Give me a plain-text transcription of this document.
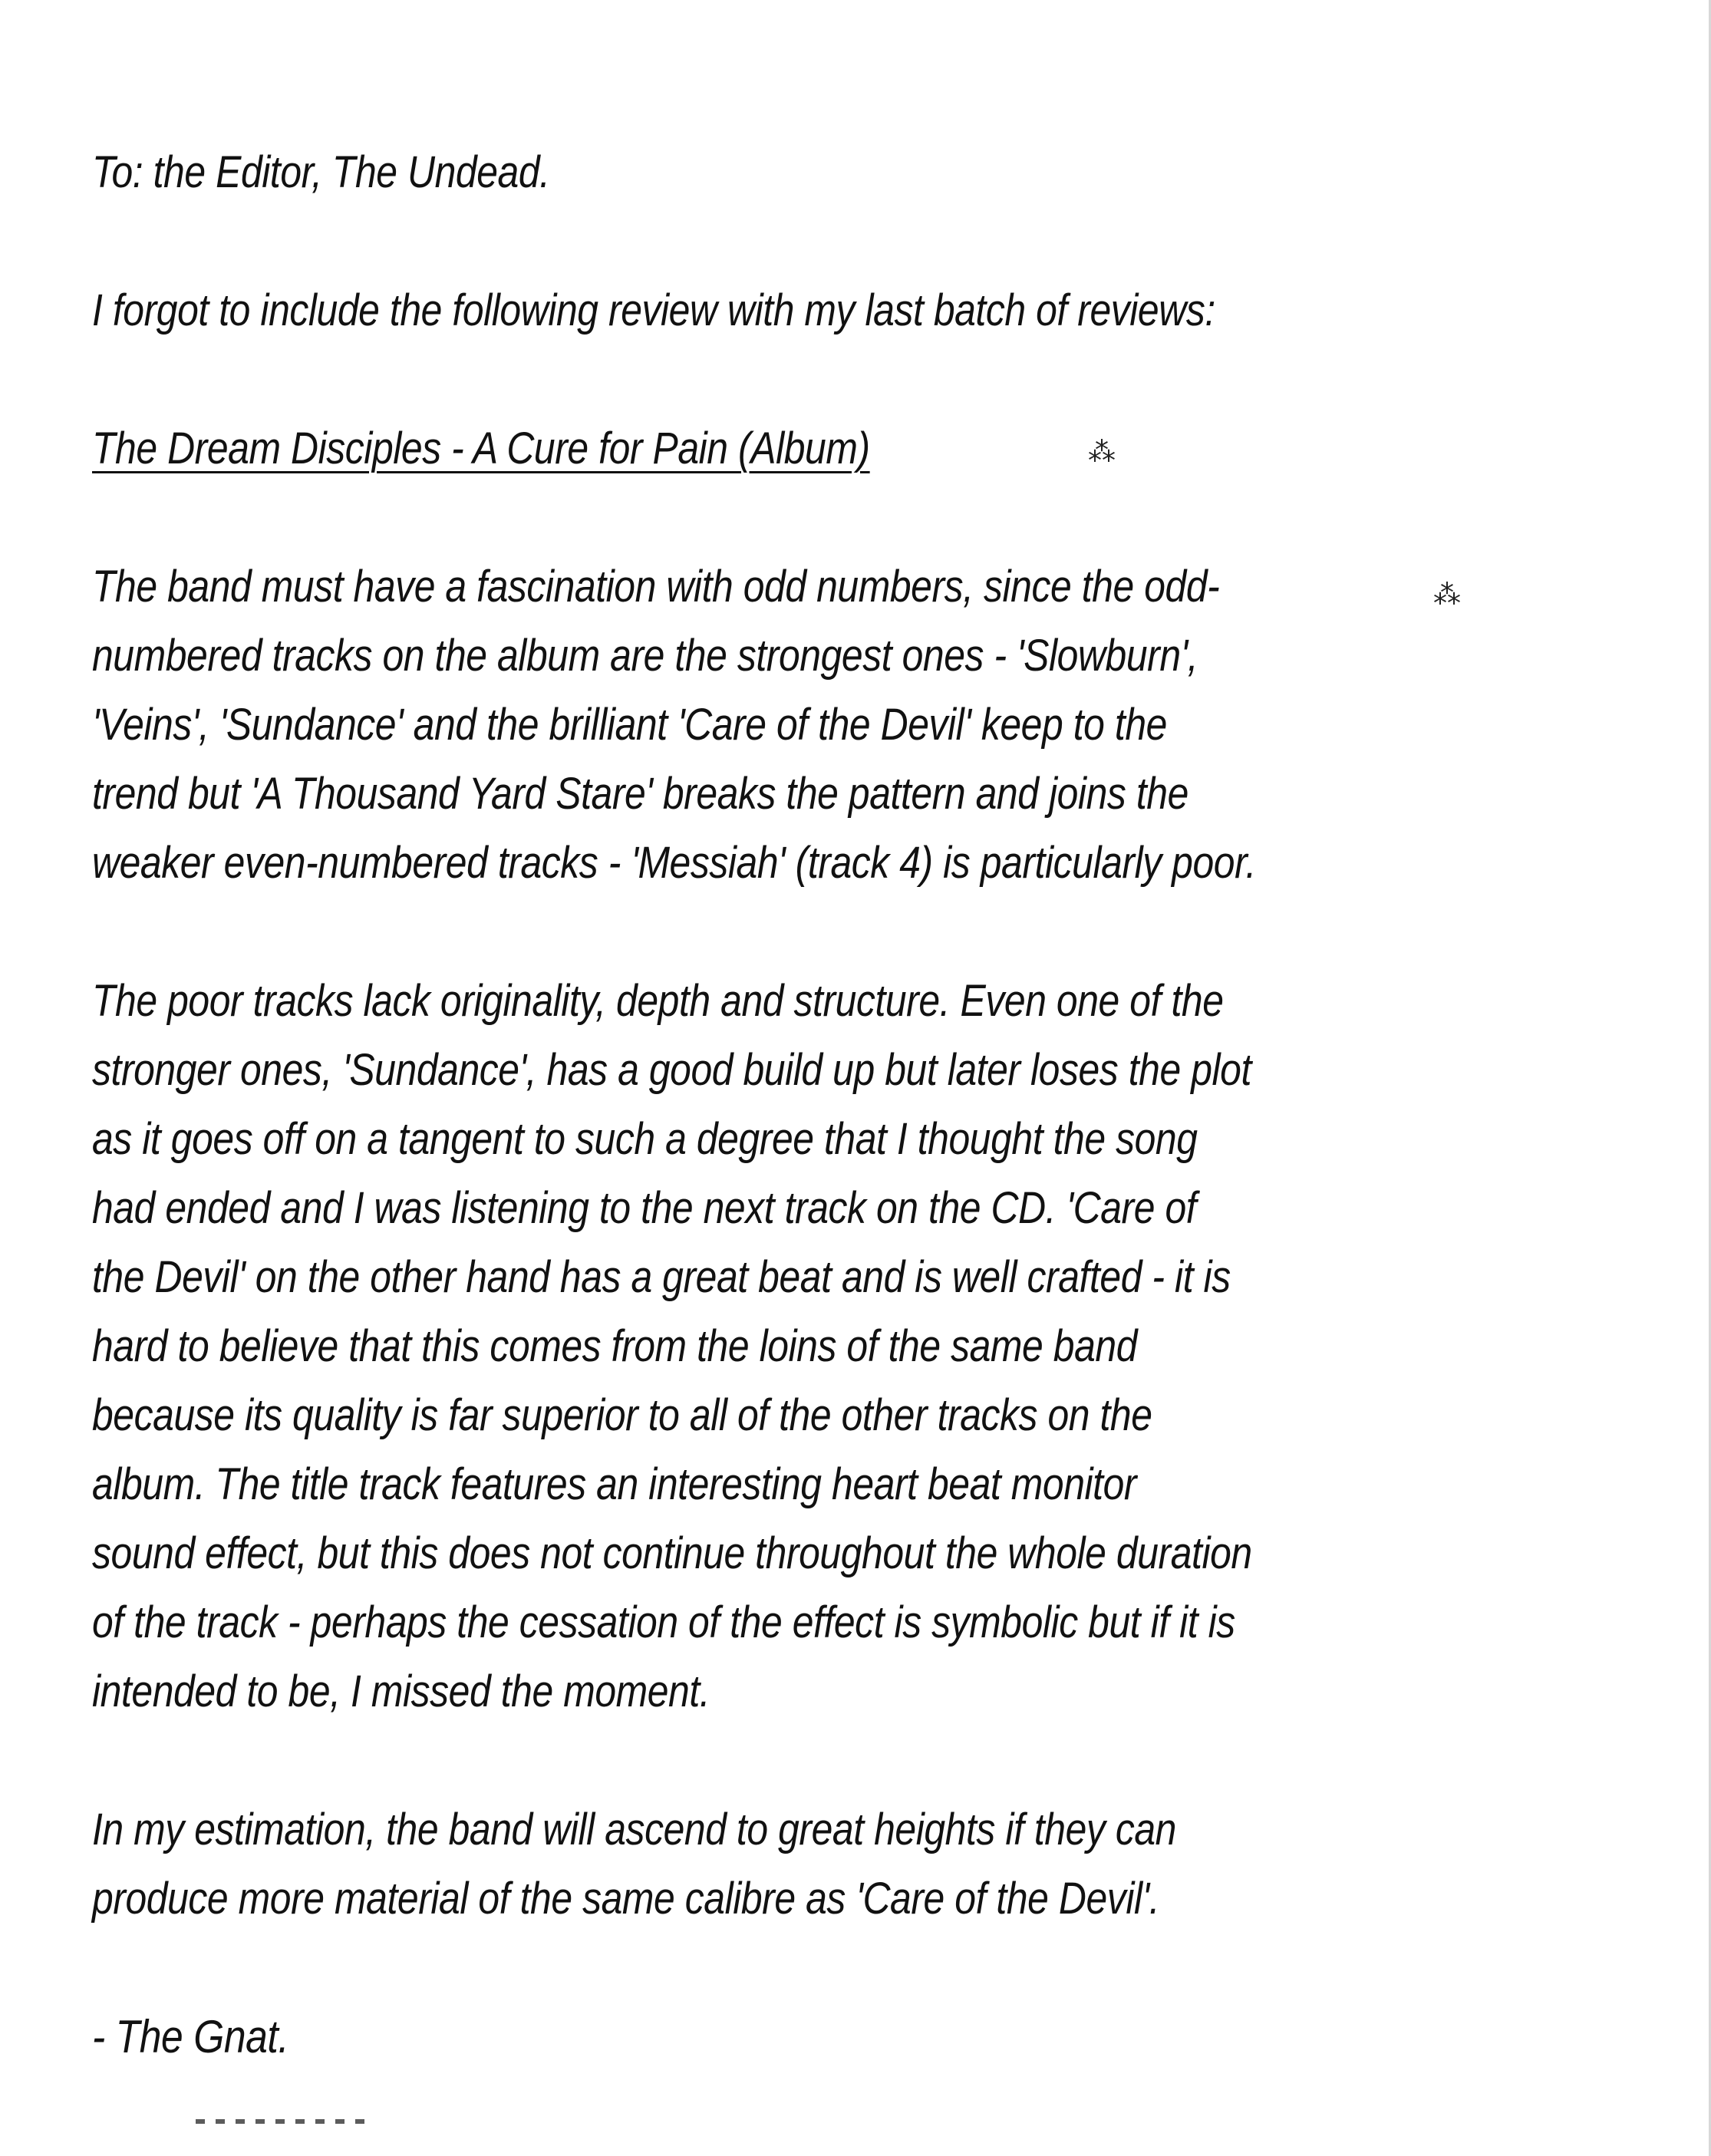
To: the Editor, The Undead.
I forgot to include the following review with my last batch of reviews:
The Dream Disciples - A Cure for Pain (Album)
The band must have a fascination with odd numbers, since the odd-
numbered tracks on the album are the strongest ones - 'Slowburn',
'Veins', 'Sundance' and the brilliant 'Care of the Devil' keep to the
trend but 'A Thousand Yard Stare' breaks the pattern and joins the
weaker even-numbered tracks - 'Messiah' (track 4) is particularly poor.
The poor tracks lack originality, depth and structure. Even one of the
stronger ones, 'Sundance', has a good build up but later loses the plot
as it goes off on a tangent to such a degree that I thought the song
had ended and I was listening to the next track on the CD. 'Care of
the Devil' on the other hand has a great beat and is well crafted - it is
hard to believe that this comes from the loins of the same band
because its quality is far superior to all of the other tracks on the
album. The title track features an interesting heart beat monitor
sound effect, but this does not continue throughout the whole duration
of the track - perhaps the cessation of the effect is symbolic but if it is
intended to be, I missed the moment.
In my estimation, the band will ascend to great heights if they can
produce more material of the same calibre as 'Care of the Devil'.
- The Gnat.
⁂
⁂
